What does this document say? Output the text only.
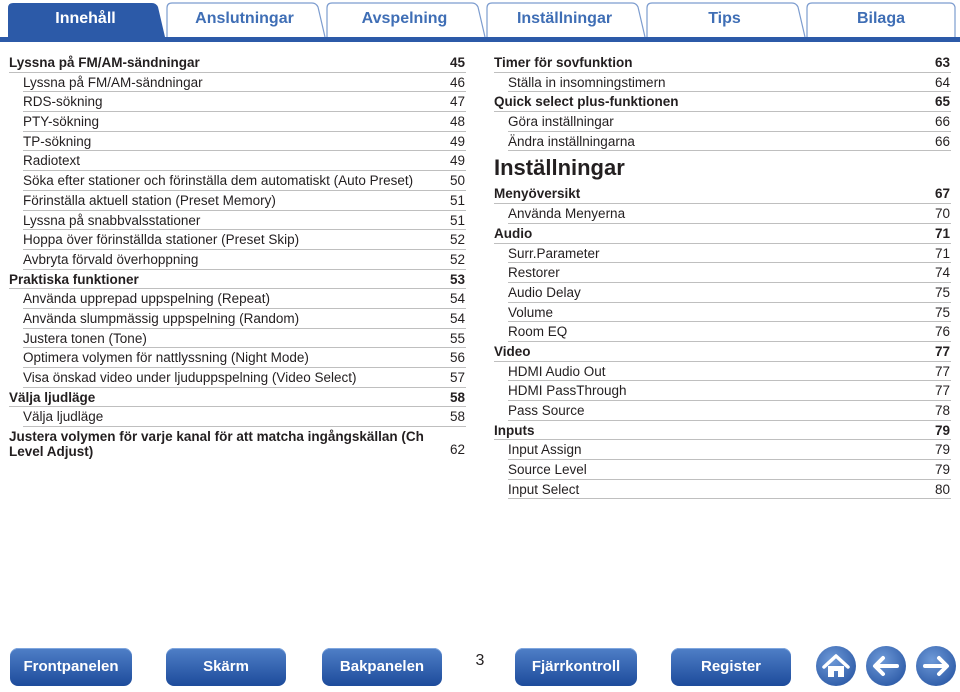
Innehåll	Anslutningar	Avspelning	Inställningar	Tips	Bilaga
Lyssna på FM/AM-sändningar	45
Lyssna på FM/AM-sändningar	46
RDS-sökning	47
PTY-sökning	48
TP-sökning	49
Radiotext	49
Söka efter stationer och förinställa dem automatiskt (Auto Preset)	50
Förinställa aktuell station (Preset Memory)	51
Lyssna på snabbvalsstationer	51
Hoppa över förinställda stationer (Preset Skip)	52
Avbryta förvald överhoppning	52
Praktiska funktioner	53
Använda upprepad uppspelning (Repeat)	54
Använda slumpmässig uppspelning (Random)	54
Justera tonen (Tone)	55
Optimera volymen för nattlyssning (Night Mode)	56
Visa önskad video under ljuduppspelning (Video Select)	57
Välja ljudläge	58
Välja ljudläge	58
Justera volymen för varje kanal för att matcha ingångskällan (Ch Level Adjust)	62
Timer för sovfunktion	63
Ställa in insomningstimern	64
Quick select plus-funktionen	65
Göra inställningar	66
Ändra inställningarna	66
Inställningar
Menyöversikt	67
Använda Menyerna	70
Audio	71
Surr.Parameter	71
Restorer	74
Audio Delay	75
Volume	75
Room EQ	76
Video	77
HDMI Audio Out	77
HDMI PassThrough	77
Pass Source	78
Inputs	79
Input Assign	79
Source Level	79
Input Select	80
Frontpanelen	Skärm	Bakpanelen	3	Fjärrkontroll	Register
